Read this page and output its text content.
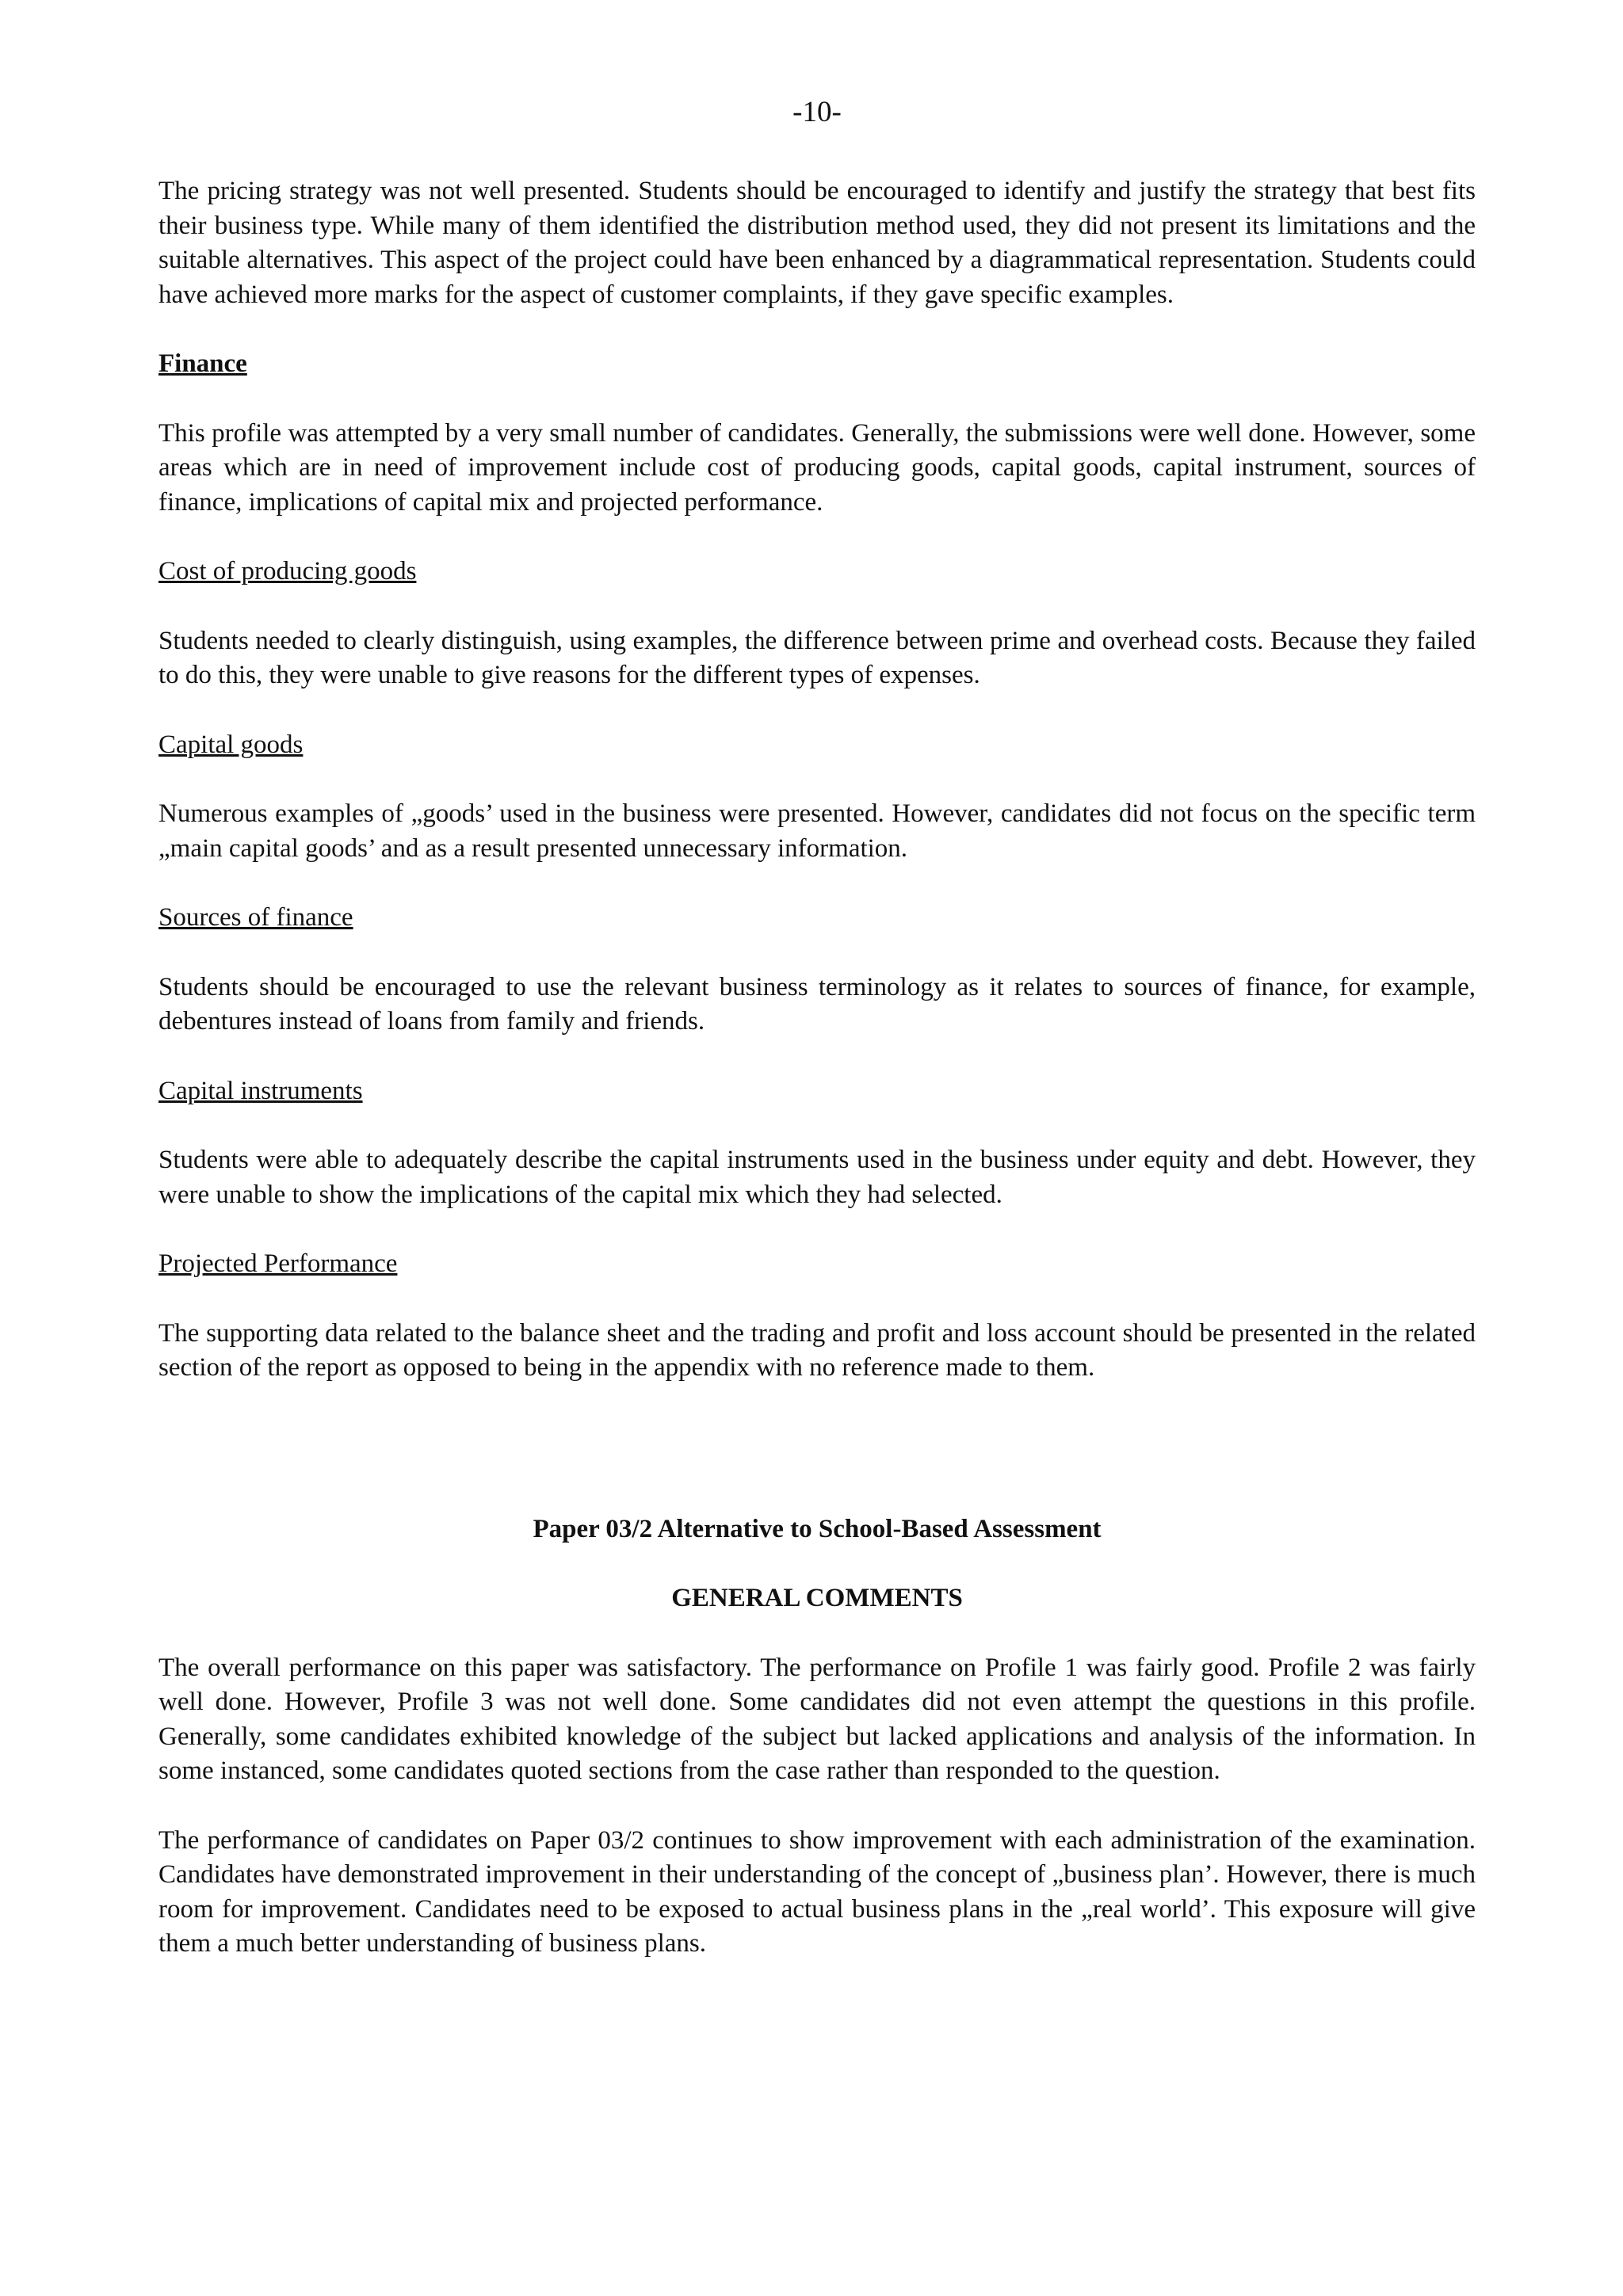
-10-

The pricing strategy was not well presented. Students should be encouraged to identify and justify the strategy that best fits their business type. While many of them identified the distribution method used, they did not present its limitations and the suitable alternatives. This aspect of the project could have been enhanced by a diagrammatical representation. Students could have achieved more marks for the aspect of customer complaints, if they gave specific examples.

Finance

This profile was attempted by a very small number of candidates. Generally, the submissions were well done. However, some areas which are in need of improvement include cost of producing goods, capital goods, capital instrument, sources of finance, implications of capital mix and projected performance.

Cost of producing goods

Students needed to clearly distinguish, using examples, the difference between prime and overhead costs. Because they failed to do this, they were unable to give reasons for the different types of expenses.

Capital goods

Numerous examples of „goods’ used in the business were presented. However, candidates did not focus on the specific term „main capital goods’ and as a result presented unnecessary information.

Sources of finance

Students should be encouraged to use the relevant business terminology as it relates to sources of finance, for example, debentures instead of loans from family and friends.

Capital instruments

Students were able to adequately describe the capital instruments used in the business under equity and debt. However, they were unable to show the implications of the capital mix which they had selected.

Projected Performance

The supporting data related to the balance sheet and the trading and profit and loss account should be presented in the related section of the report as opposed to being in the appendix with no reference made to them.

Paper 03/2 Alternative to School-Based Assessment
GENERAL COMMENTS

The overall performance on this paper was satisfactory. The performance on Profile 1 was fairly good. Profile 2 was fairly well done. However, Profile 3 was not well done. Some candidates did not even attempt the questions in this profile. Generally, some candidates exhibited knowledge of the subject but lacked applications and analysis of the information. In some instanced, some candidates quoted sections from the case rather than responded to the question.

The performance of candidates on Paper 03/2 continues to show improvement with each administration of the examination. Candidates have demonstrated improvement in their understanding of the concept of „business plan’. However, there is much room for improvement. Candidates need to be exposed to actual business plans in the „real world’. This exposure will give them a much better understanding of business plans.
